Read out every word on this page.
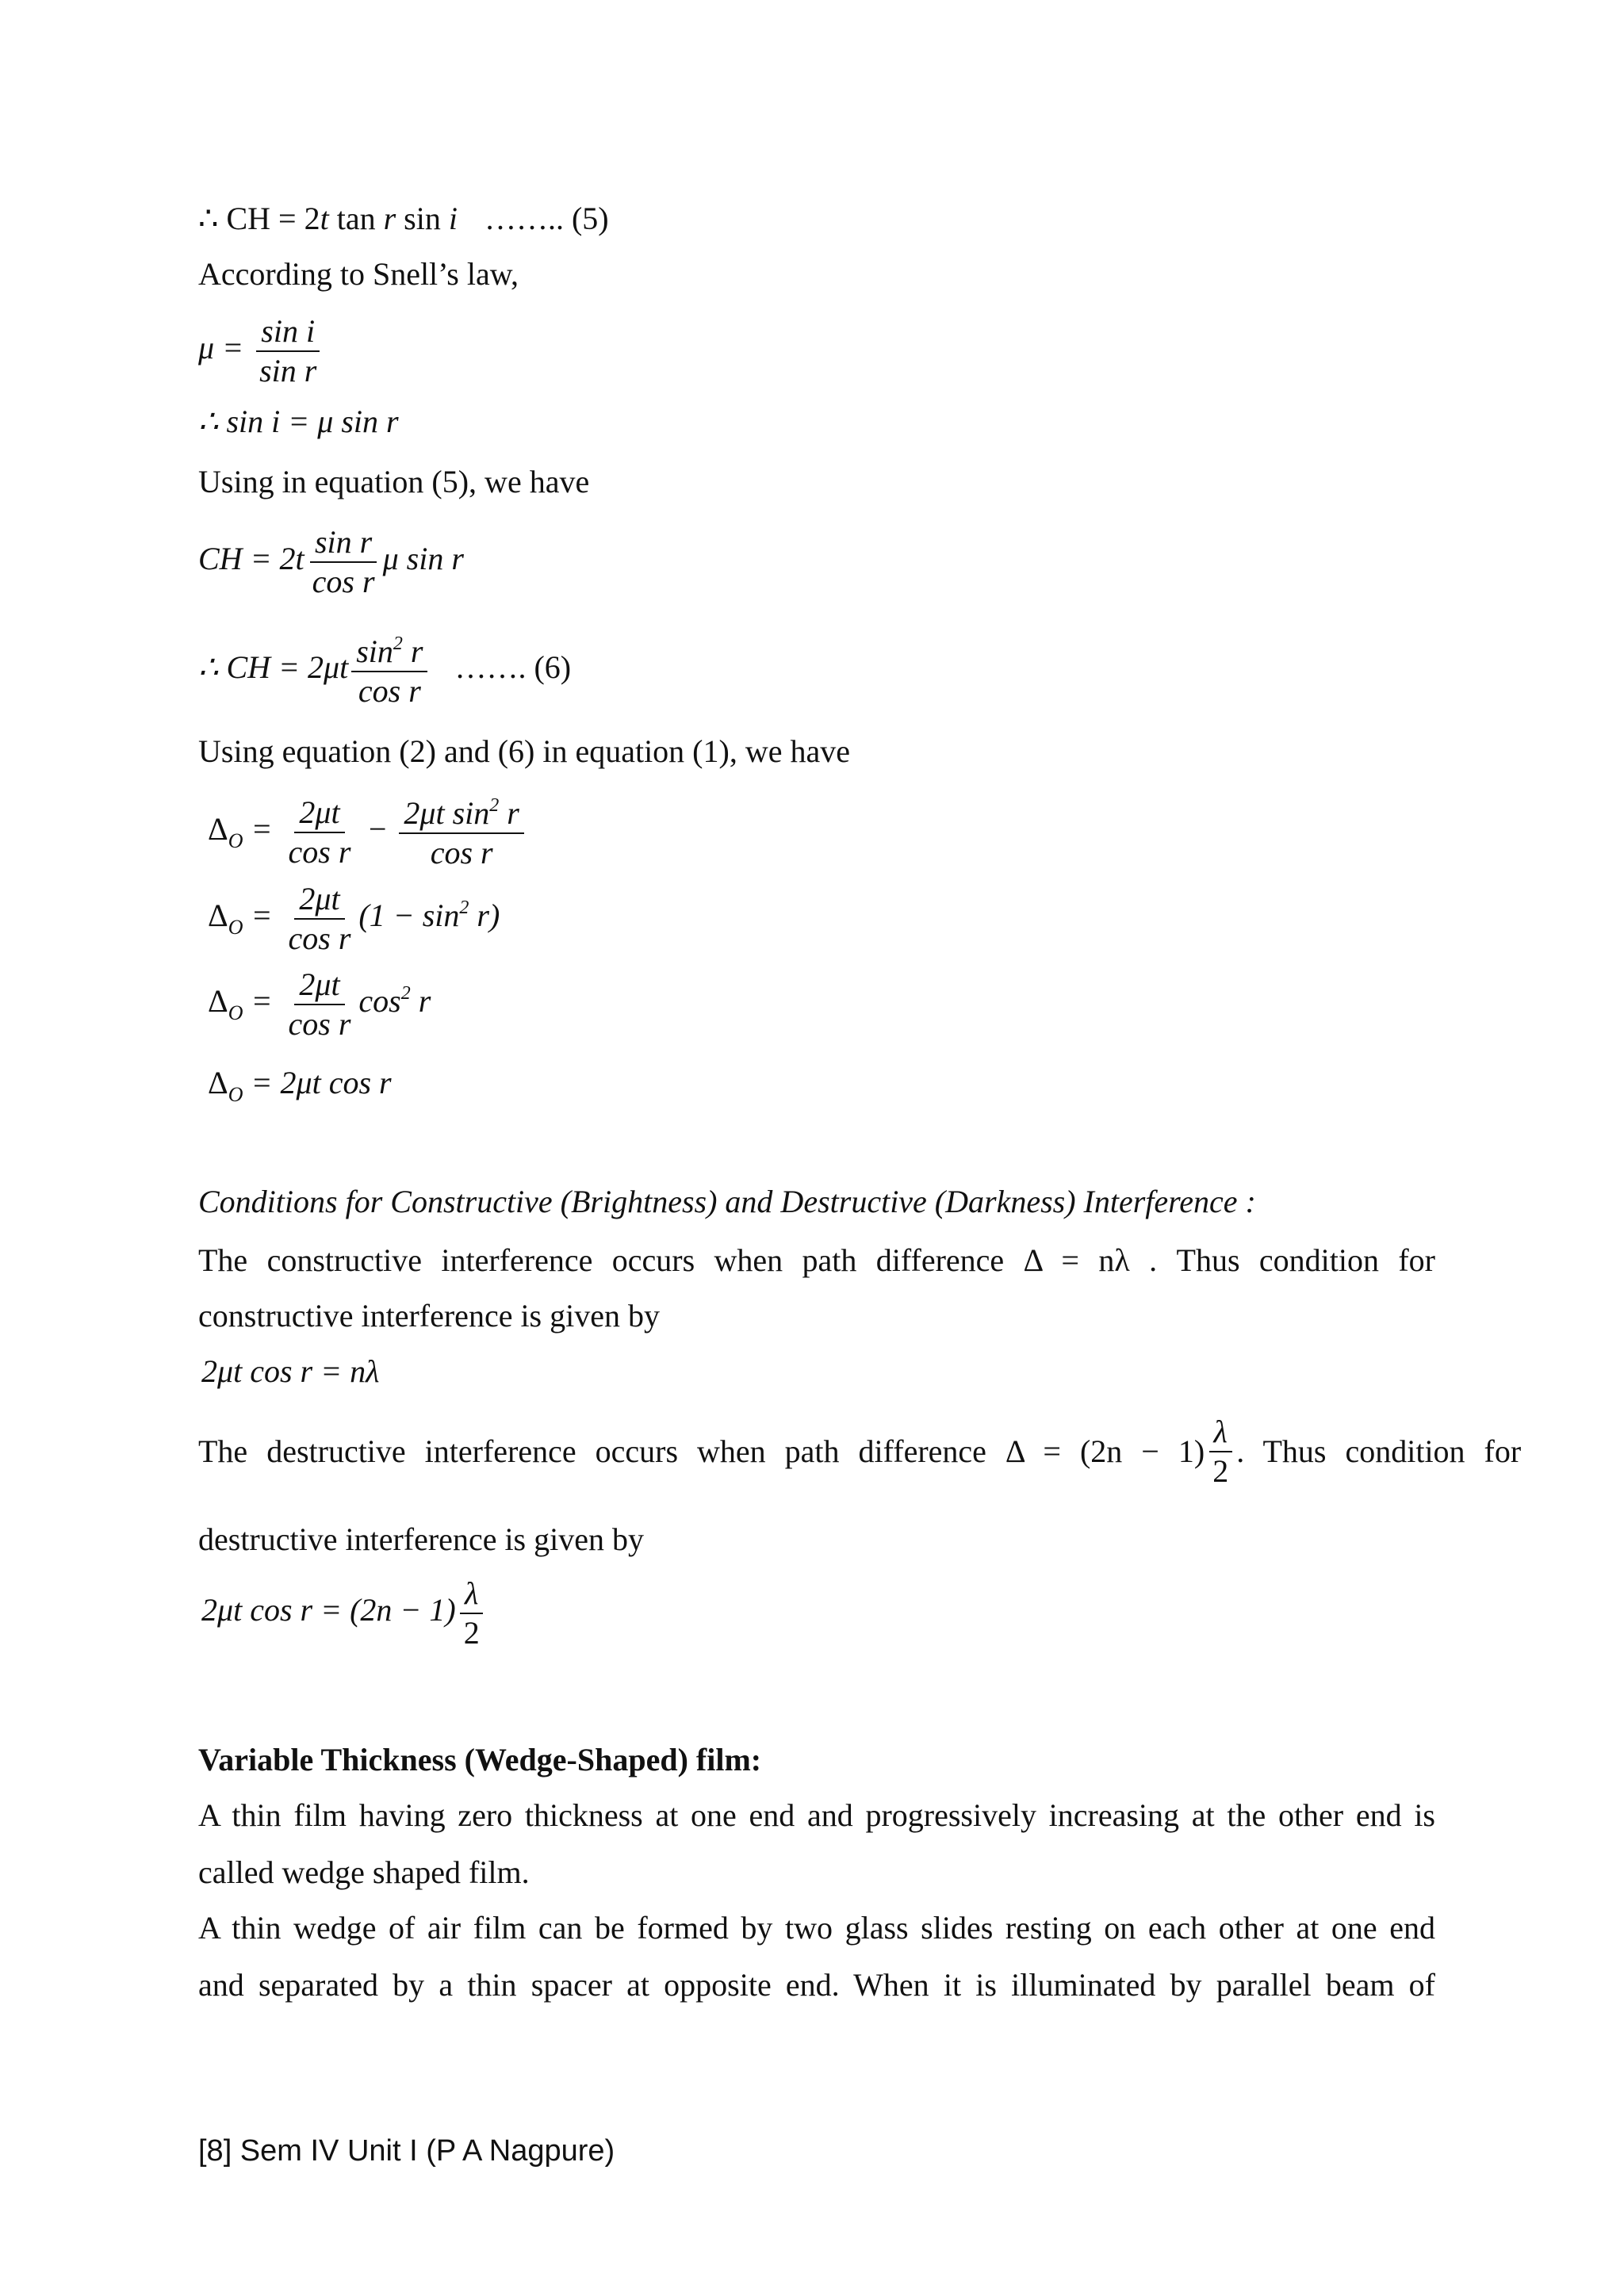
∴ CH = 2t tan r sin i …….. (5)
According to Snell’s law,
$\mu = \frac{\text{sin i}}{\text{sin r}}$
∴ sin i = μ sin r
Using in equation (5), we have
CH = $2t \frac{\text{sin r}}{\text{cos r}}$ μ sin r
∴ CH = $2\mu t \frac{\sin^2 r}{\text{cos r}}$ ……. (6)
Using equation (2) and (6) in equation (1), we have
$\Delta_O = \frac{2\mu t}{\text{cos r}} - \frac{2\mu t \sin^2 r}{\text{cos r}}$
$\Delta_O = \frac{2\mu t}{\text{cos r}} (1 - \sin^2 r)$
$\Delta_O = \frac{2\mu t}{\text{cos r}} \cos^2 r$
$\Delta_O = 2\mu t$ cos r
Conditions for Constructive (Brightness) and Destructive (Darkness) Interference :
The constructive interference occurs when path difference Δ = nλ . Thus condition for
constructive interference is given by
2μt cos r = nλ
The destructive interference occurs when path difference $\Delta = (2n - 1) \frac{\lambda}{2}$ . Thus condition for
destructive interference is given by
2μt $\cos r = (2n - 1) \frac{\lambda}{2}$
Variable Thickness (Wedge-Shaped) film:
A thin film having zero thickness at one end and progressively increasing at the other end is
called wedge shaped film.
A thin wedge of air film can be formed by two glass slides resting on each other at one end
and separated by a thin spacer at opposite end. When it is illuminated by parallel beam of
[8] Sem IV Unit I (P A Nagpure)
